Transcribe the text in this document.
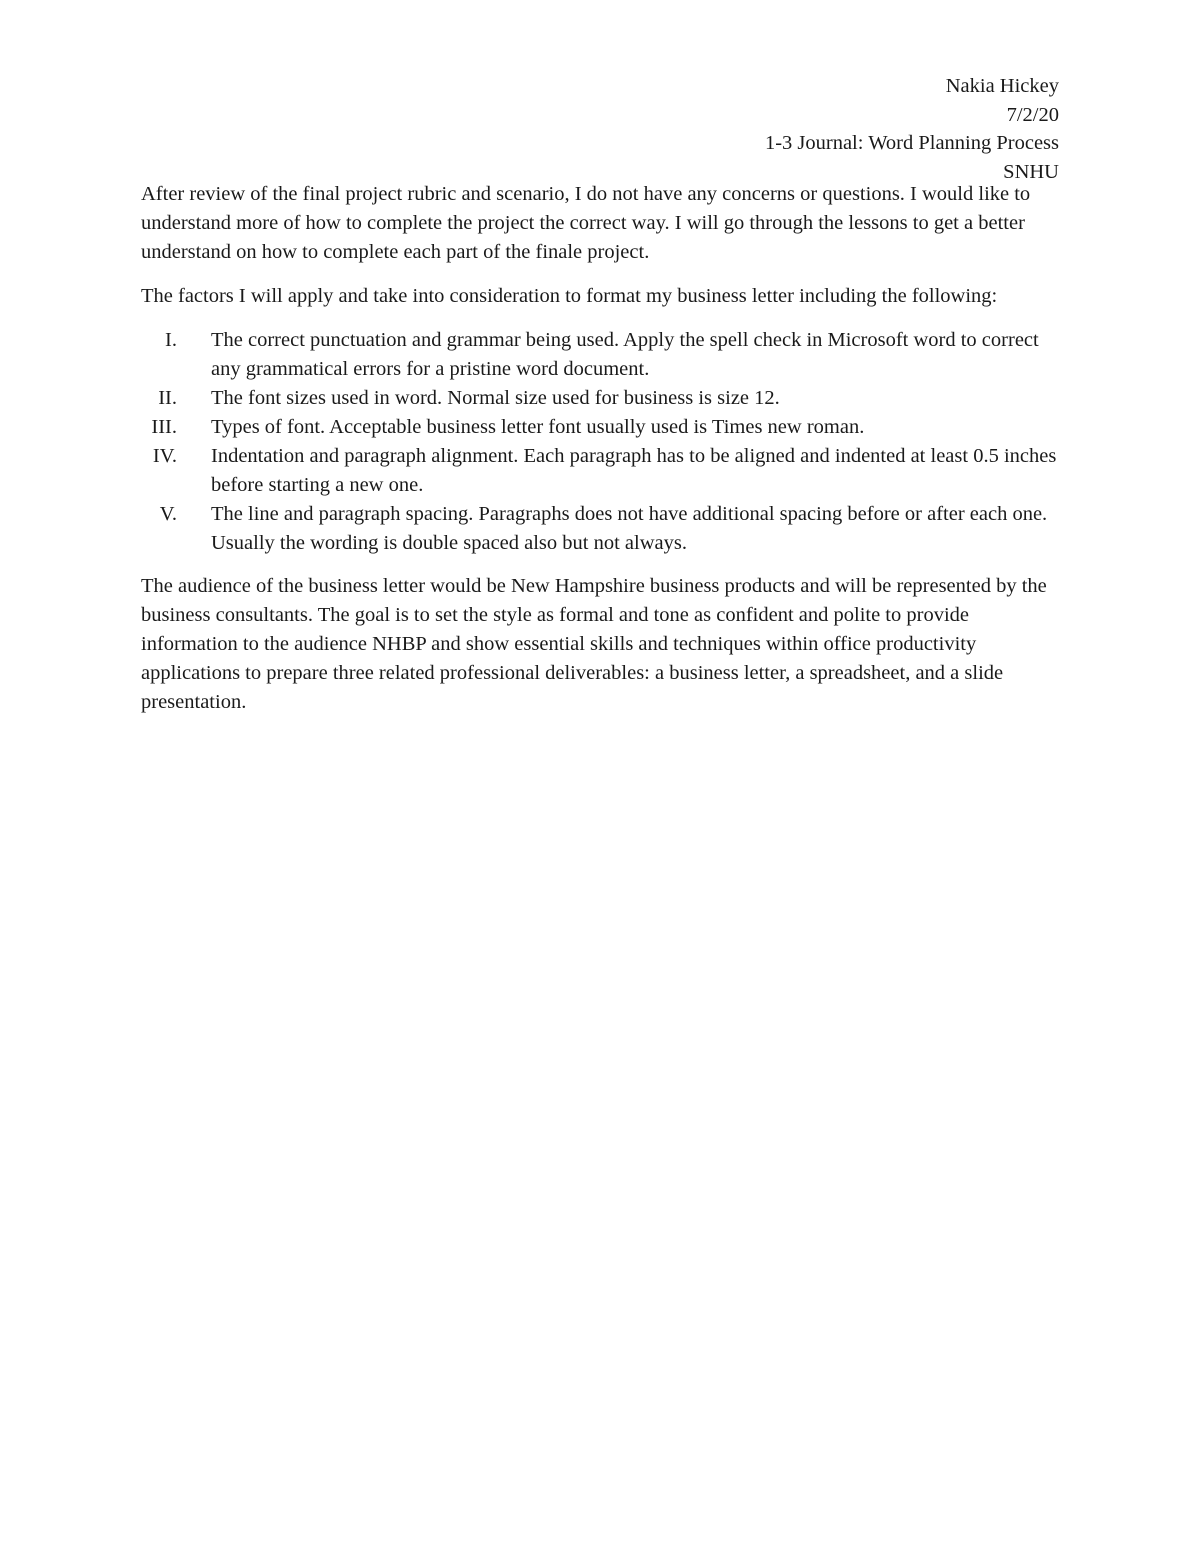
Nakia Hickey
7/2/20
1-3 Journal: Word Planning Process
SNHU

After review of the final project rubric and scenario, I do not have any concerns or questions. I would like to understand more of how to complete the project the correct way. I will go through the lessons to get a better understand on how to complete each part of the finale project.

The factors I will apply and take into consideration to format my business letter including the following:

I. The correct punctuation and grammar being used. Apply the spell check in Microsoft word to correct any grammatical errors for a pristine word document.
II. The font sizes used in word. Normal size used for business is size 12.
III. Types of font. Acceptable business letter font usually used is Times new roman.
IV. Indentation and paragraph alignment. Each paragraph has to be aligned and indented at least 0.5 inches before starting a new one.
V. The line and paragraph spacing. Paragraphs does not have additional spacing before or after each one. Usually the wording is double spaced also but not always.

The audience of the business letter would be New Hampshire business products and will be represented by the business consultants. The goal is to set the style as formal and tone as confident and polite to provide information to the audience NHBP and show essential skills and techniques within office productivity applications to prepare three related professional deliverables: a business letter, a spreadsheet, and a slide presentation.
